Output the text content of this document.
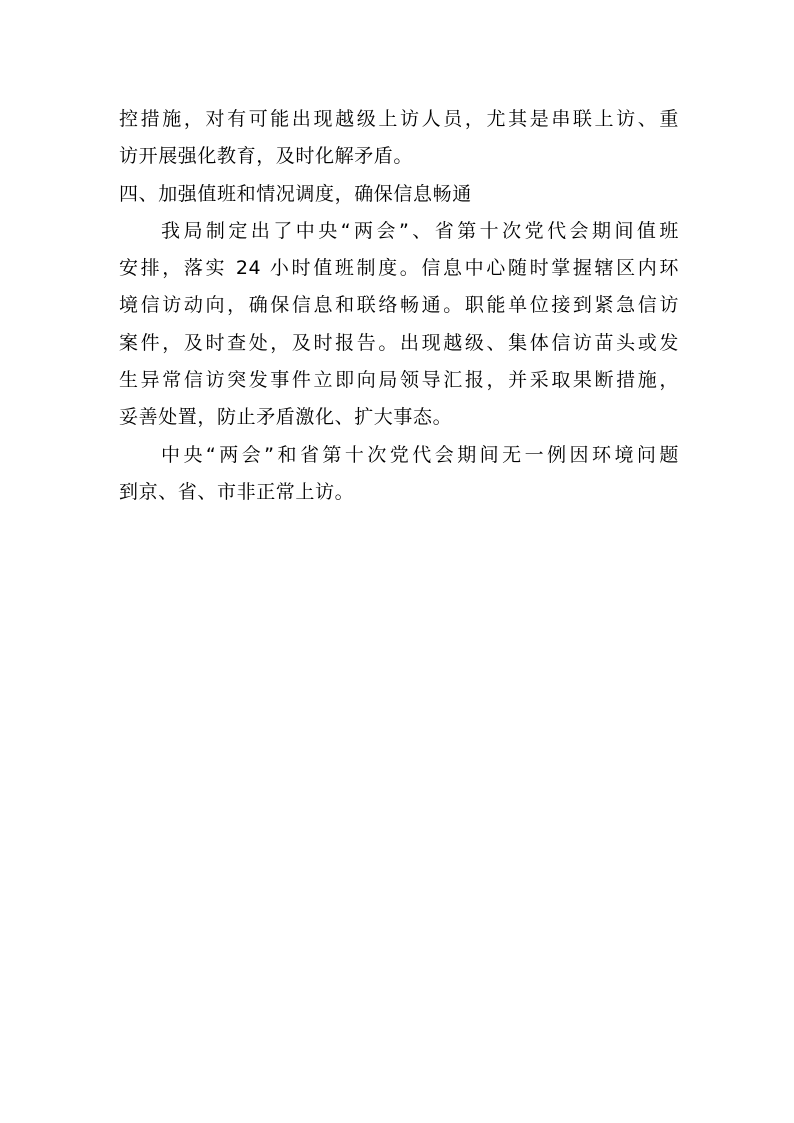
控措施，对有可能出现越级上访人员，尤其是串联上访、重
访开展强化教育，及时化解矛盾。
四、加强值班和情况调度，确保信息畅通
我局制定出了中央“两会”、省第十次党代会期间值班
安排，落实 24 小时值班制度。信息中心随时掌握辖区内环
境信访动向，确保信息和联络畅通。职能单位接到紧急信访
案件，及时查处，及时报告。出现越级、集体信访苗头或发
生异常信访突发事件立即向局领导汇报，并采取果断措施，
妥善处置，防止矛盾激化、扩大事态。
中央“两会”和省第十次党代会期间无一例因环境问题
到京、省、市非正常上访。
